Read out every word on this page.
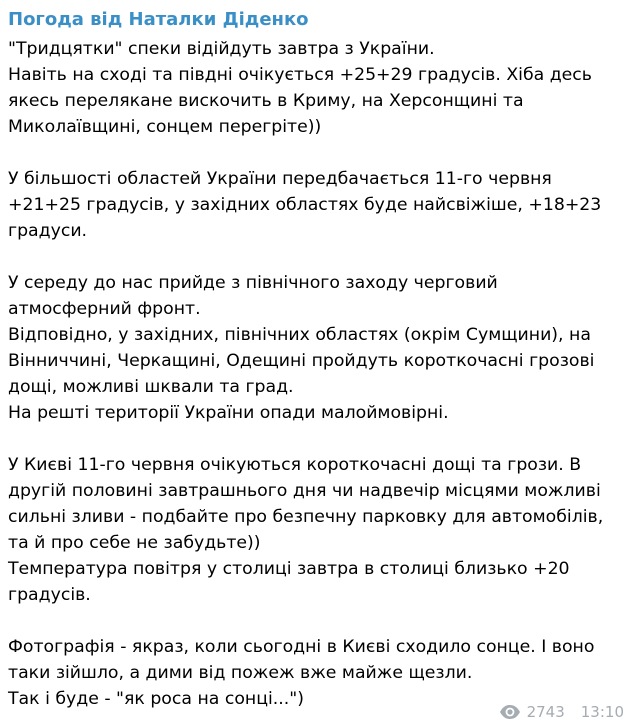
Погода від Наталки Діденко
"Тридцятки" спеки відійдуть завтра з України.
Навіть на сході та півдні очікується +25+29 градусів. Хіба десь
якесь перелякане вискочить в Криму, на Херсонщині та
Миколаївщині, сонцем перегріте))
У більшості областей України передбачається 11-го червня
+21+25 градусів, у західних областях буде найсвіжіше, +18+23
градуси.
У середу до нас прийде з північного заходу черговий
атмосферний фронт.
Відповідно, у західних, північних областях (окрім Сумщини), на
Вінниччині, Черкащині, Одещині пройдуть короткочасні грозові
дощі, можливі шквали та град.
На решті території України опади малоймовірні.
У Києві 11-го червня очікуються короткочасні дощі та грози. В
другій половині завтрашнього дня чи надвечір місцями можливі
сильні зливи - подбайте про безпечну парковку для автомобілів,
та й про себе не забудьте))
Температура повітря у столиці завтра в столиці близько +20
градусів.
Фотографія - якраз, коли сьогодні в Києві сходило сонце. І воно
таки зійшло, а дими від пожеж вже майже щезли.
Так і буде - "як роса на сонці...")
2743 13:10
